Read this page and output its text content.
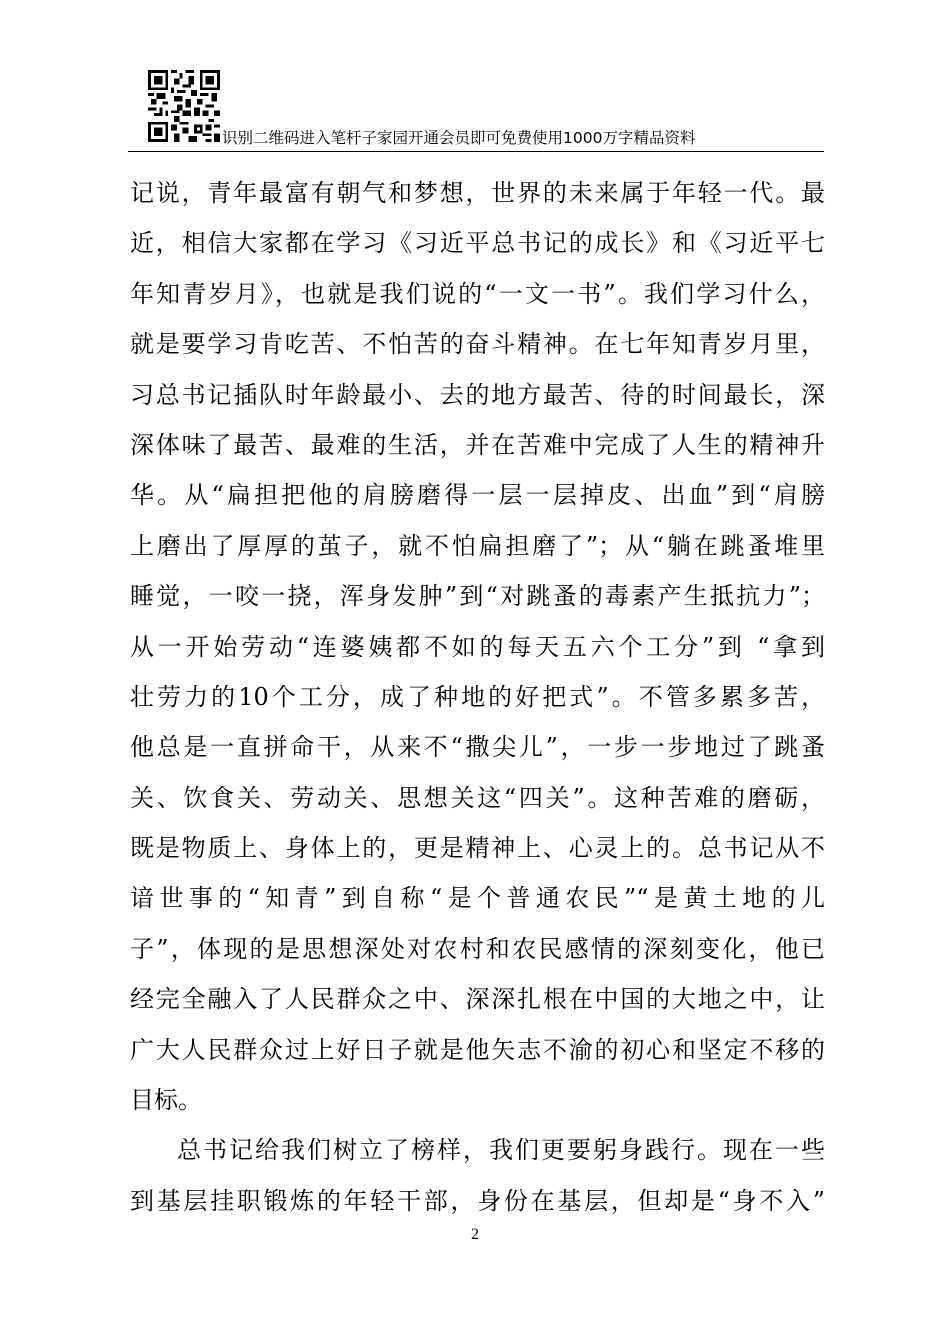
识别二维码进入笔杆子家园开通会员即可免费使用1000万字精品资料
记说，青年最富有朝气和梦想，世界的未来属于年轻一代。最
近，相信大家都在学习《习近平总书记的成长》和《习近平七
年知青岁月》，也就是我们说的“一文一书”。我们学习什么，
就是要学习肯吃苦、不怕苦的奋斗精神。在七年知青岁月里，
习总书记插队时年龄最小、去的地方最苦、待的时间最长，深
深体味了最苦、最难的生活，并在苦难中完成了人生的精神升
华。从“扁担把他的肩膀磨得一层一层掉皮、出血”到“肩膀
上磨出了厚厚的茧子，就不怕扁担磨了”；从“躺在跳蚤堆里
睡觉，一咬一挠，浑身发肿”到“对跳蚤的毒素产生抵抗力”；
从一开始劳动“连婆姨都不如的每天五六个工分”到 “拿到
壮劳力的10个工分，成了种地的好把式”。不管多累多苦，
他总是一直拼命干，从来不“撒尖儿”，一步一步地过了跳蚤
关、饮食关、劳动关、思想关这“四关”。这种苦难的磨砺，
既是物质上、身体上的，更是精神上、心灵上的。总书记从不
谙世事的“知青”到自称“是个普通农民”“是黄土地的儿
子”，体现的是思想深处对农村和农民感情的深刻变化，他已
经完全融入了人民群众之中、深深扎根在中国的大地之中，让
广大人民群众过上好日子就是他矢志不渝的初心和坚定不移的
目标。
总书记给我们树立了榜样，我们更要躬身践行。现在一些
到基层挂职锻炼的年轻干部，身份在基层，但却是“身不入”
2
